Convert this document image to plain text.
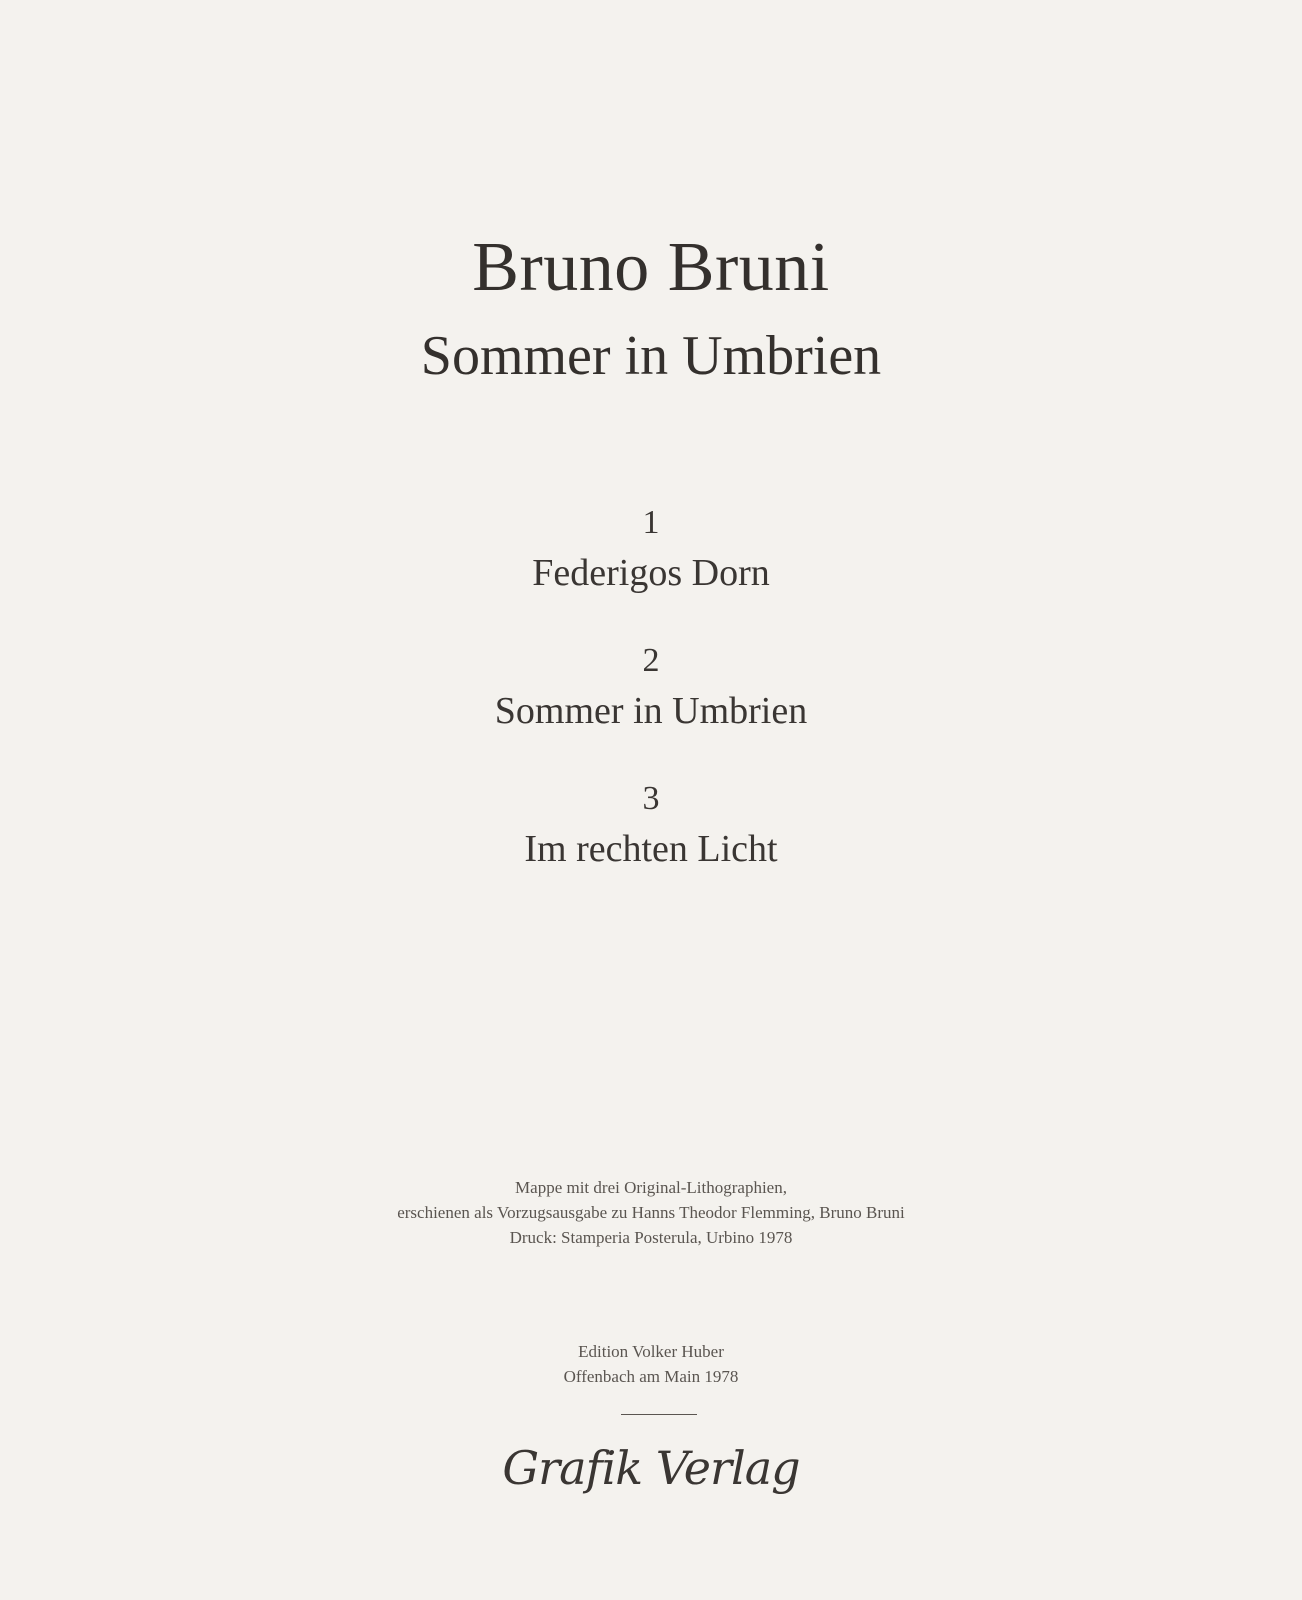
Bruno Bruni
Sommer in Umbrien
1
Federigos Dorn
2
Sommer in Umbrien
3
Im rechten Licht
Mappe mit drei Original-Lithographien,
erschienen als Vorzugsausgabe zu Hanns Theodor Flemming, Bruno Bruni
Druck: Stamperia Posterula, Urbino 1978
Edition Volker Huber
Offenbach am Main 1978
Grafik Verlag
